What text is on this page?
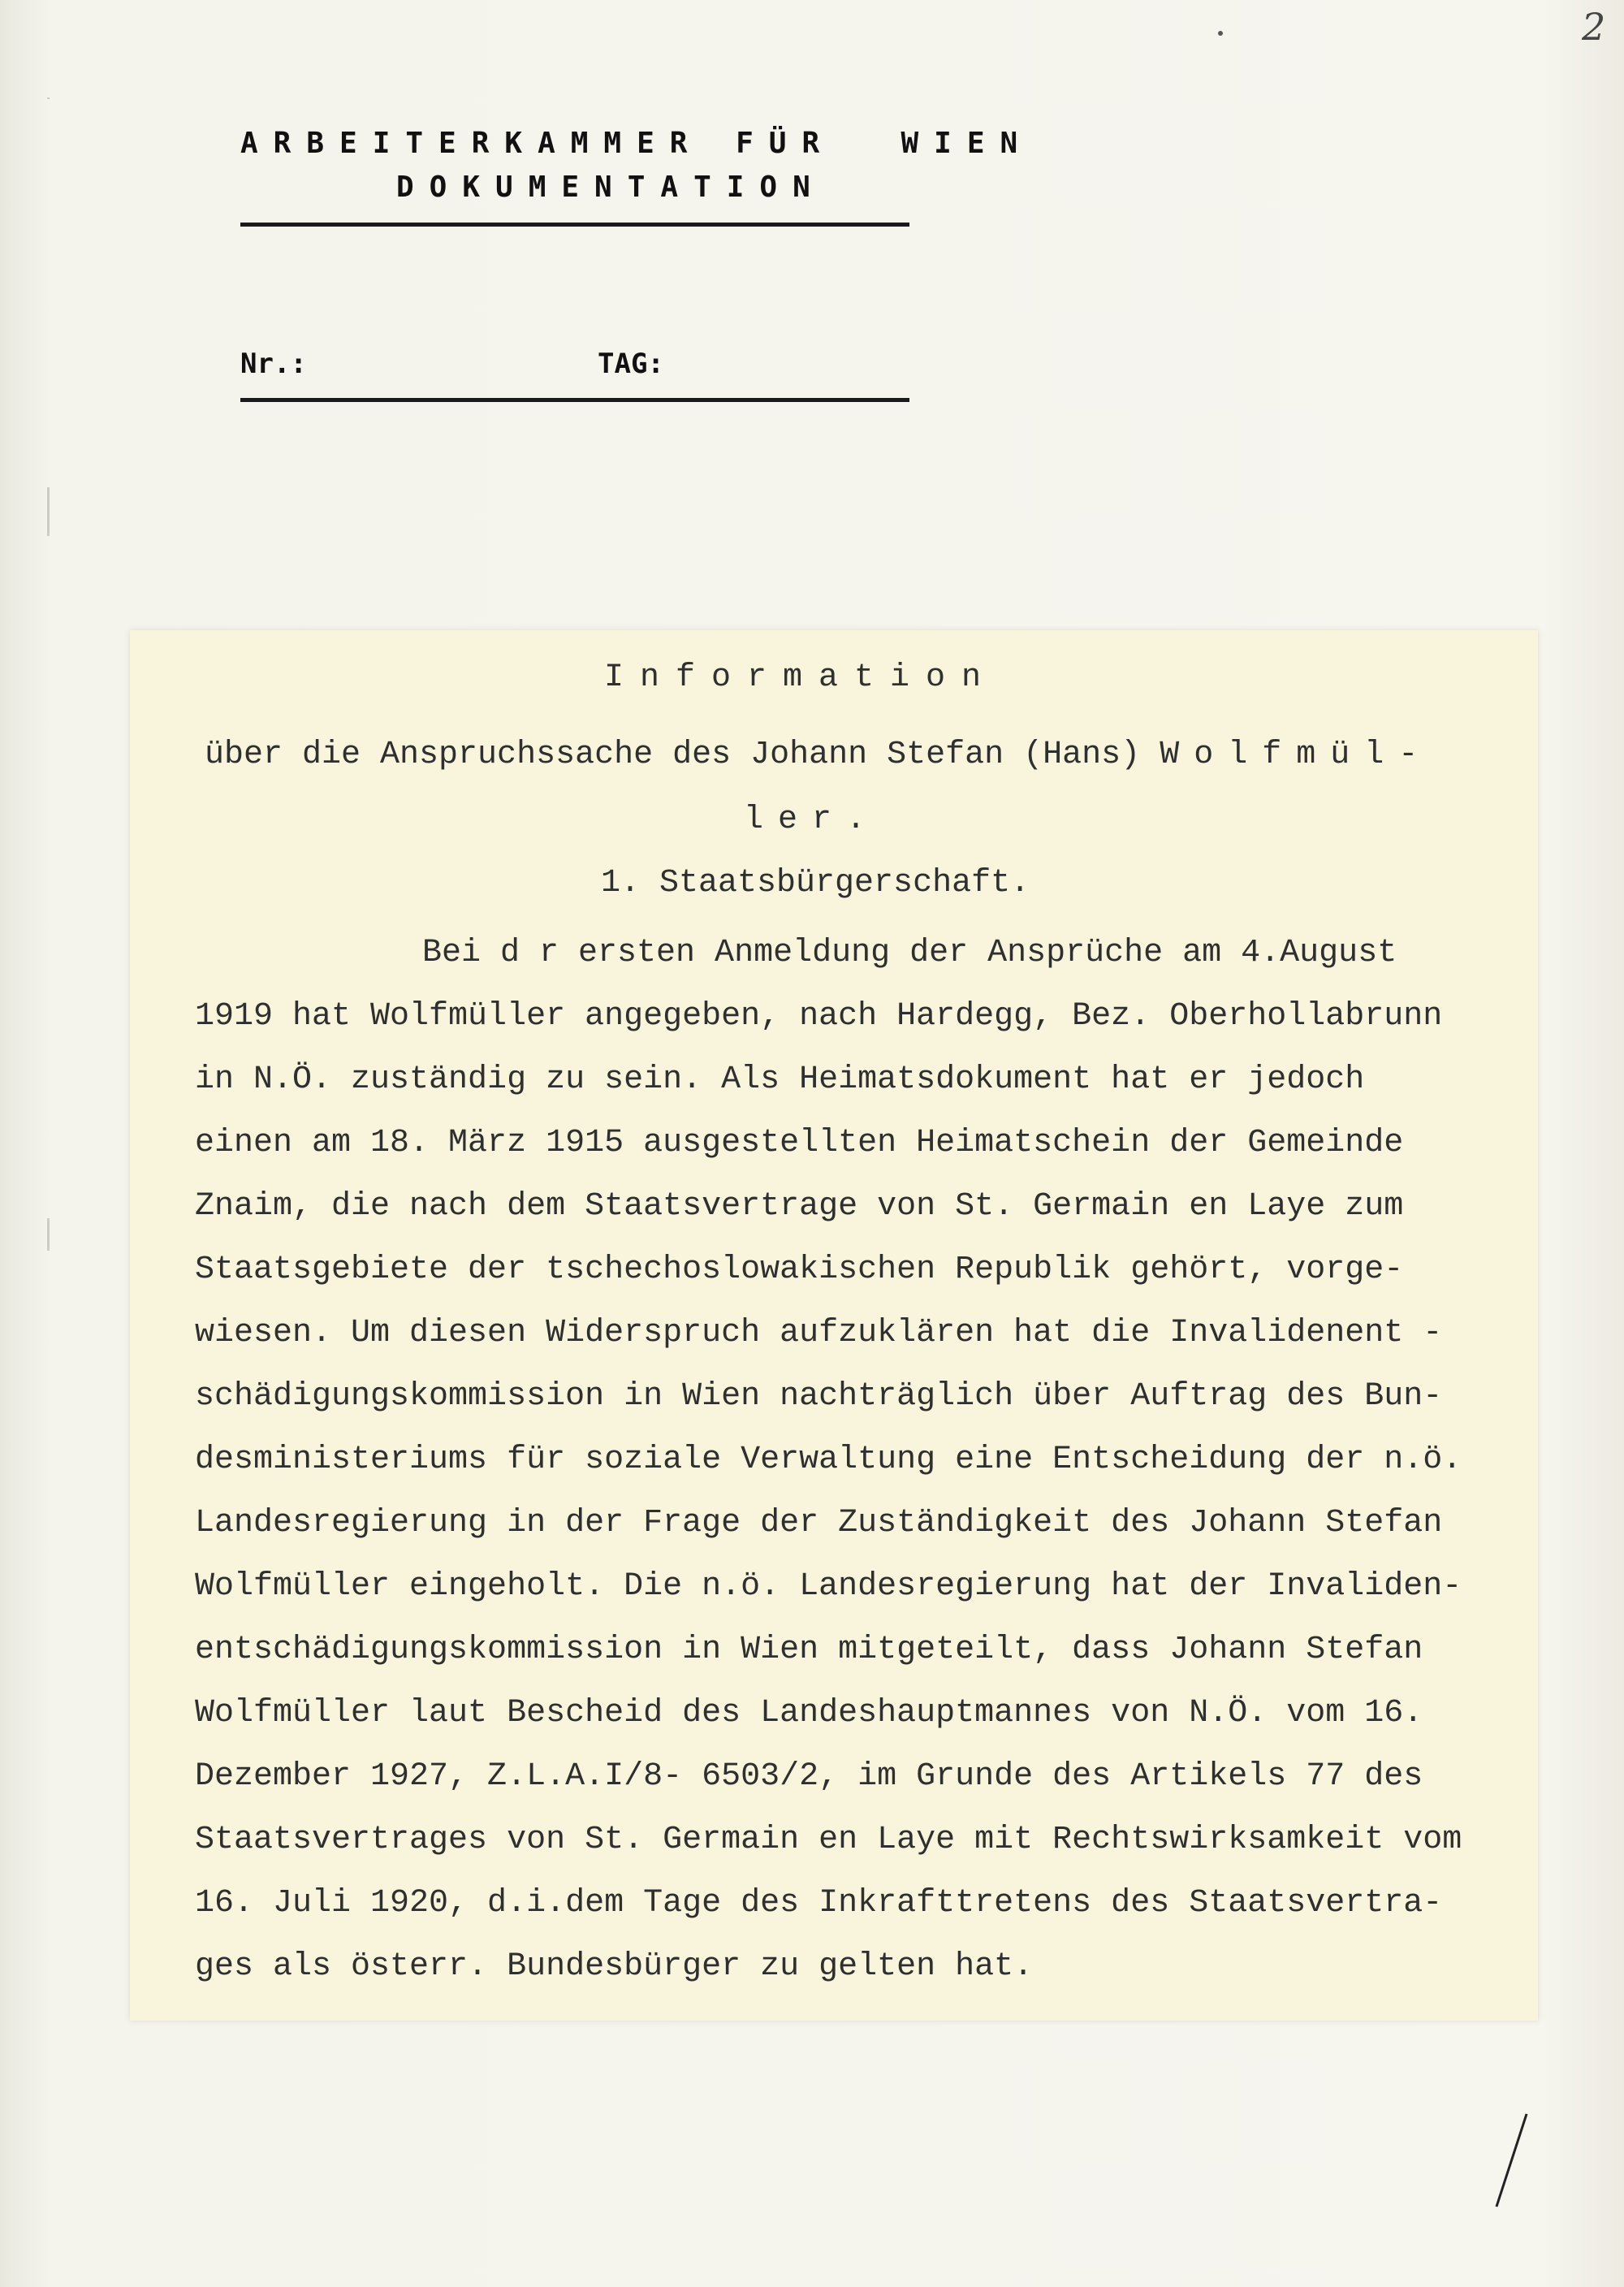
2
ARBEITERKAMMER FÜR  WIEN
DOKUMENTATION
Nr.:	TAG:
Information
über die Anspruchssache des Johann Stefan (Hans) Wolfmül-
ler.
1. Staatsbürgerschaft.
Bei d r ersten Anmeldung der Ansprüche am 4.August
1919 hat Wolfmüller angegeben, nach Hardegg, Bez. Oberhollabrunn
in N.Ö. zuständig zu sein. Als Heimatsdokument hat er jedoch
einen am 18. März 1915 ausgestellten Heimatschein der Gemeinde
Znaim, die nach dem Staatsvertrage von St. Germain en Laye zum
Staatsgebiete der tschechoslowakischen Republik gehört, vorge-
wiesen. Um diesen Widerspruch aufzuklären hat die Invalidenent -
schädigungskommission in Wien nachträglich über Auftrag des Bun-
desministeriums für soziale Verwaltung eine Entscheidung der n.ö.
Landesregierung in der Frage der Zuständigkeit des Johann Stefan
Wolfmüller eingeholt. Die n.ö. Landesregierung hat der Invaliden-
entschädigungskommission in Wien mitgeteilt, dass Johann Stefan
Wolfmüller laut Bescheid des Landeshauptmannes von N.Ö. vom 16.
Dezember 1927, Z.L.A.I/8- 6503/2, im Grunde des Artikels 77 des
Staatsvertrages von St. Germain en Laye mit Rechtswirksamkeit vom
16. Juli 1920, d.i.dem Tage des Inkrafttretens des Staatsvertra-
ges als österr. Bundesbürger zu gelten hat.
